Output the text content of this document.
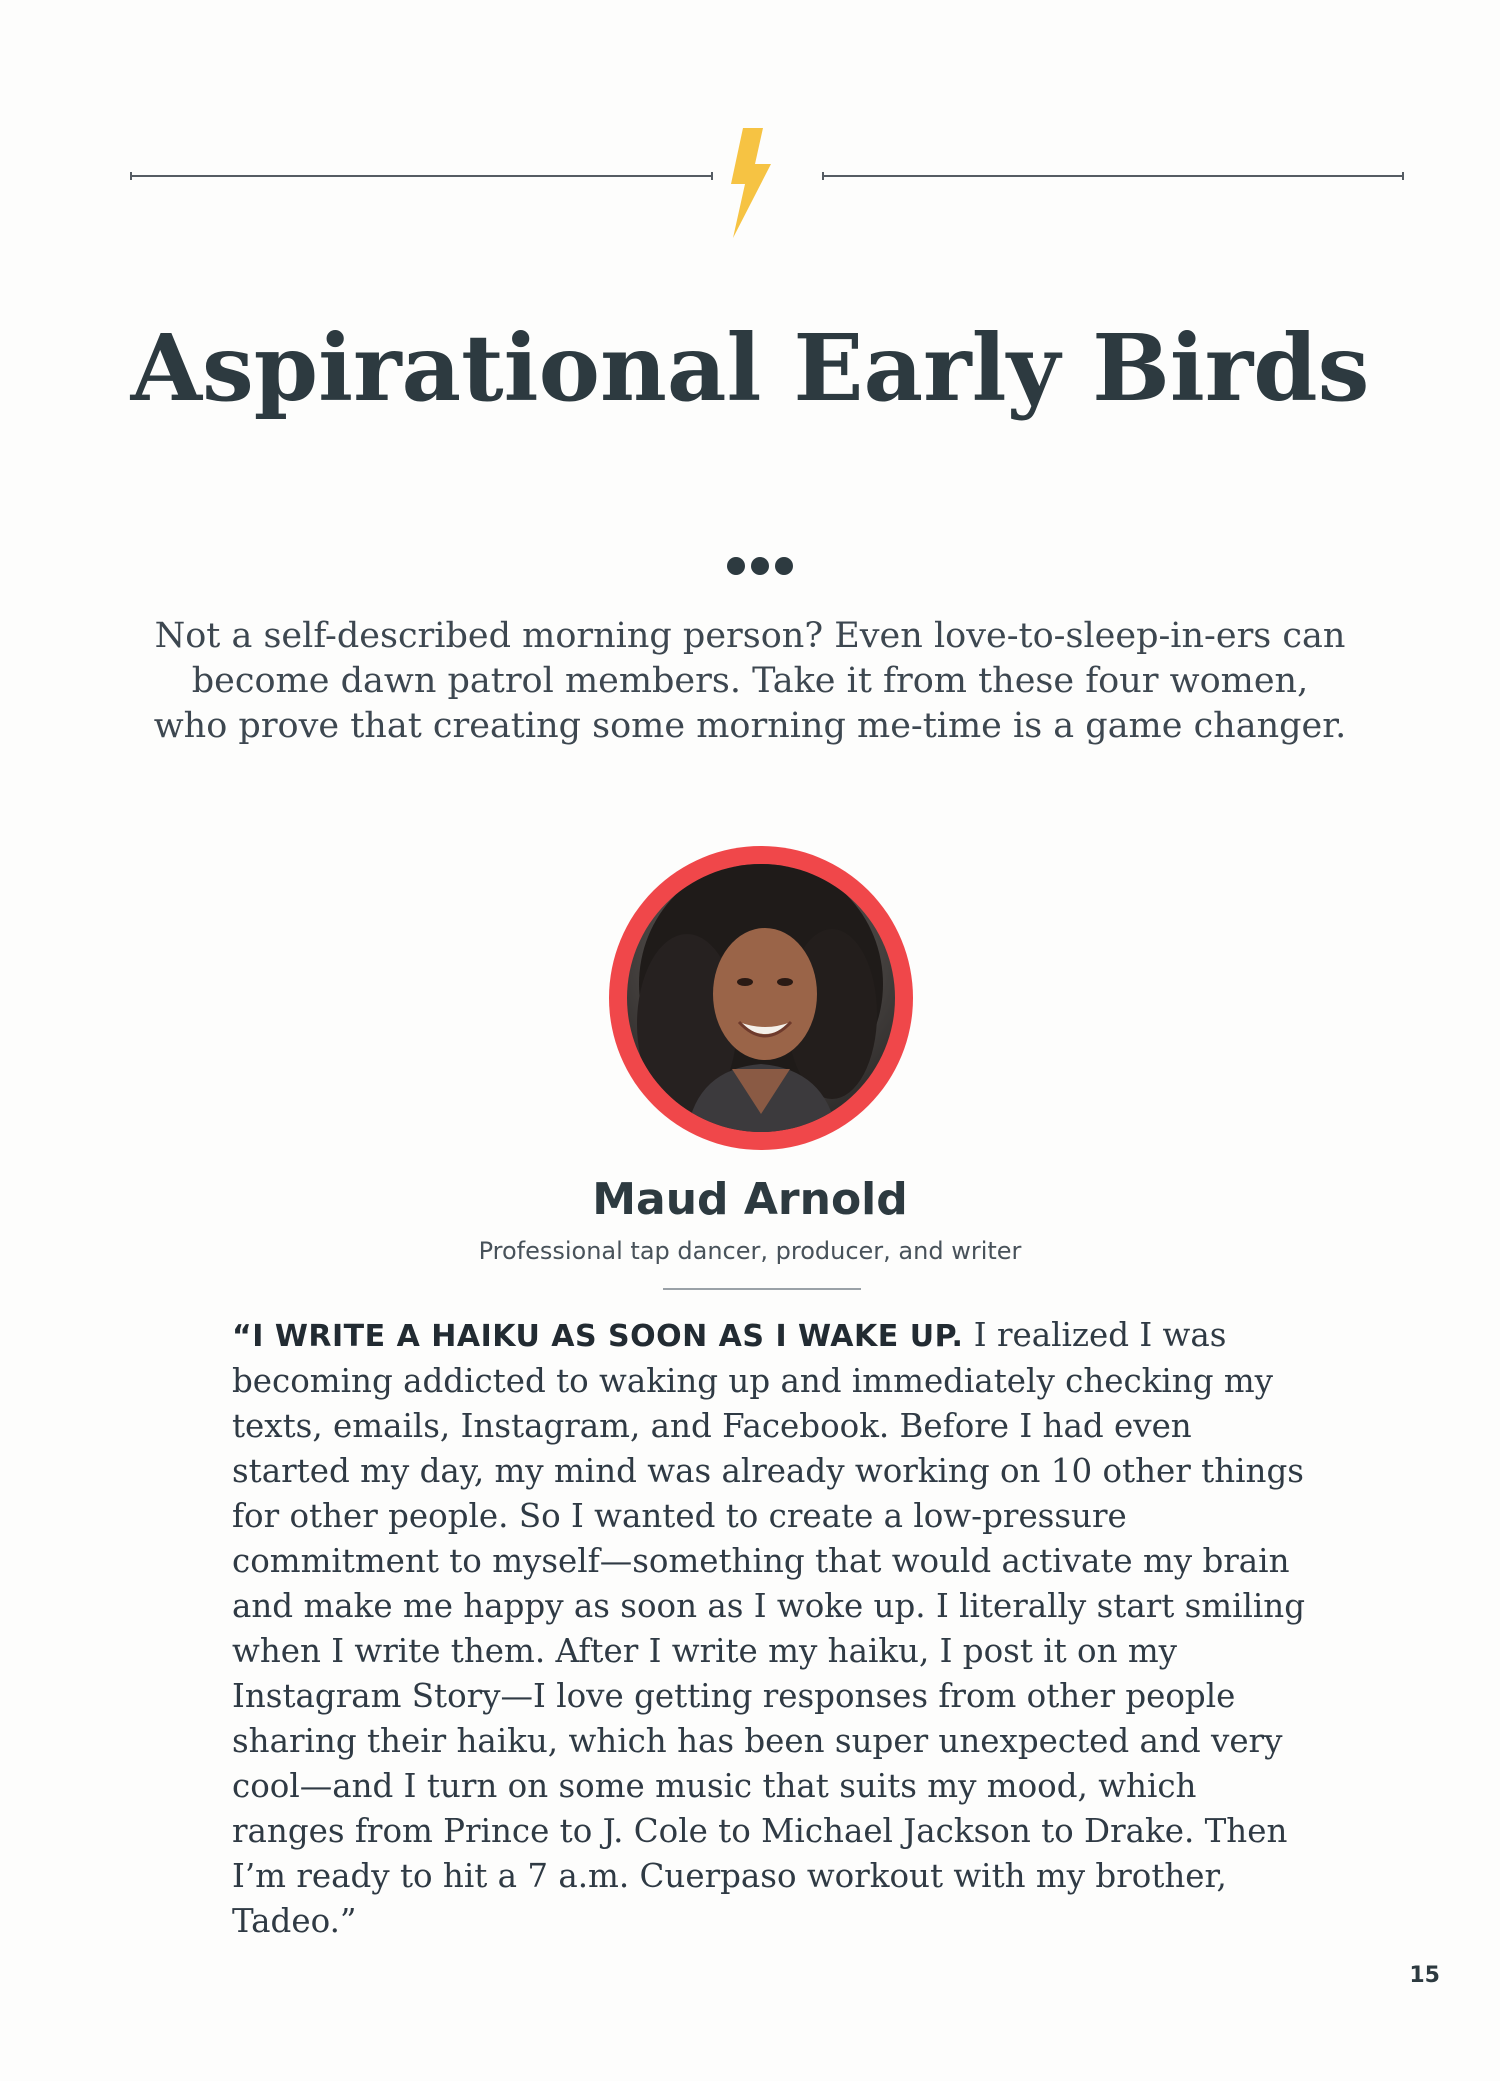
Aspirational Early Birds

Not a self-described morning person? Even love-to-sleep-in-ers can become dawn patrol members. Take it from these four women, who prove that creating some morning me-time is a game changer.

Maud Arnold

Professional tap dancer, producer, and writer

“I WRITE A HAIKU AS SOON AS I WAKE UP. I realized I was becoming addicted to waking up and immediately checking my texts, emails, Instagram, and Facebook. Before I had even started my day, my mind was already working on 10 other things for other people. So I wanted to create a low-pressure commitment to myself—something that would activate my brain and make me happy as soon as I woke up. I literally start smiling when I write them. After I write my haiku, I post it on my Instagram Story—I love getting responses from other people sharing their haiku, which has been super unexpected and very cool—and I turn on some music that suits my mood, which ranges from Prince to J. Cole to Michael Jackson to Drake. Then I’m ready to hit a 7 a.m. Cuerpaso workout with my brother, Tadeo.”

15
